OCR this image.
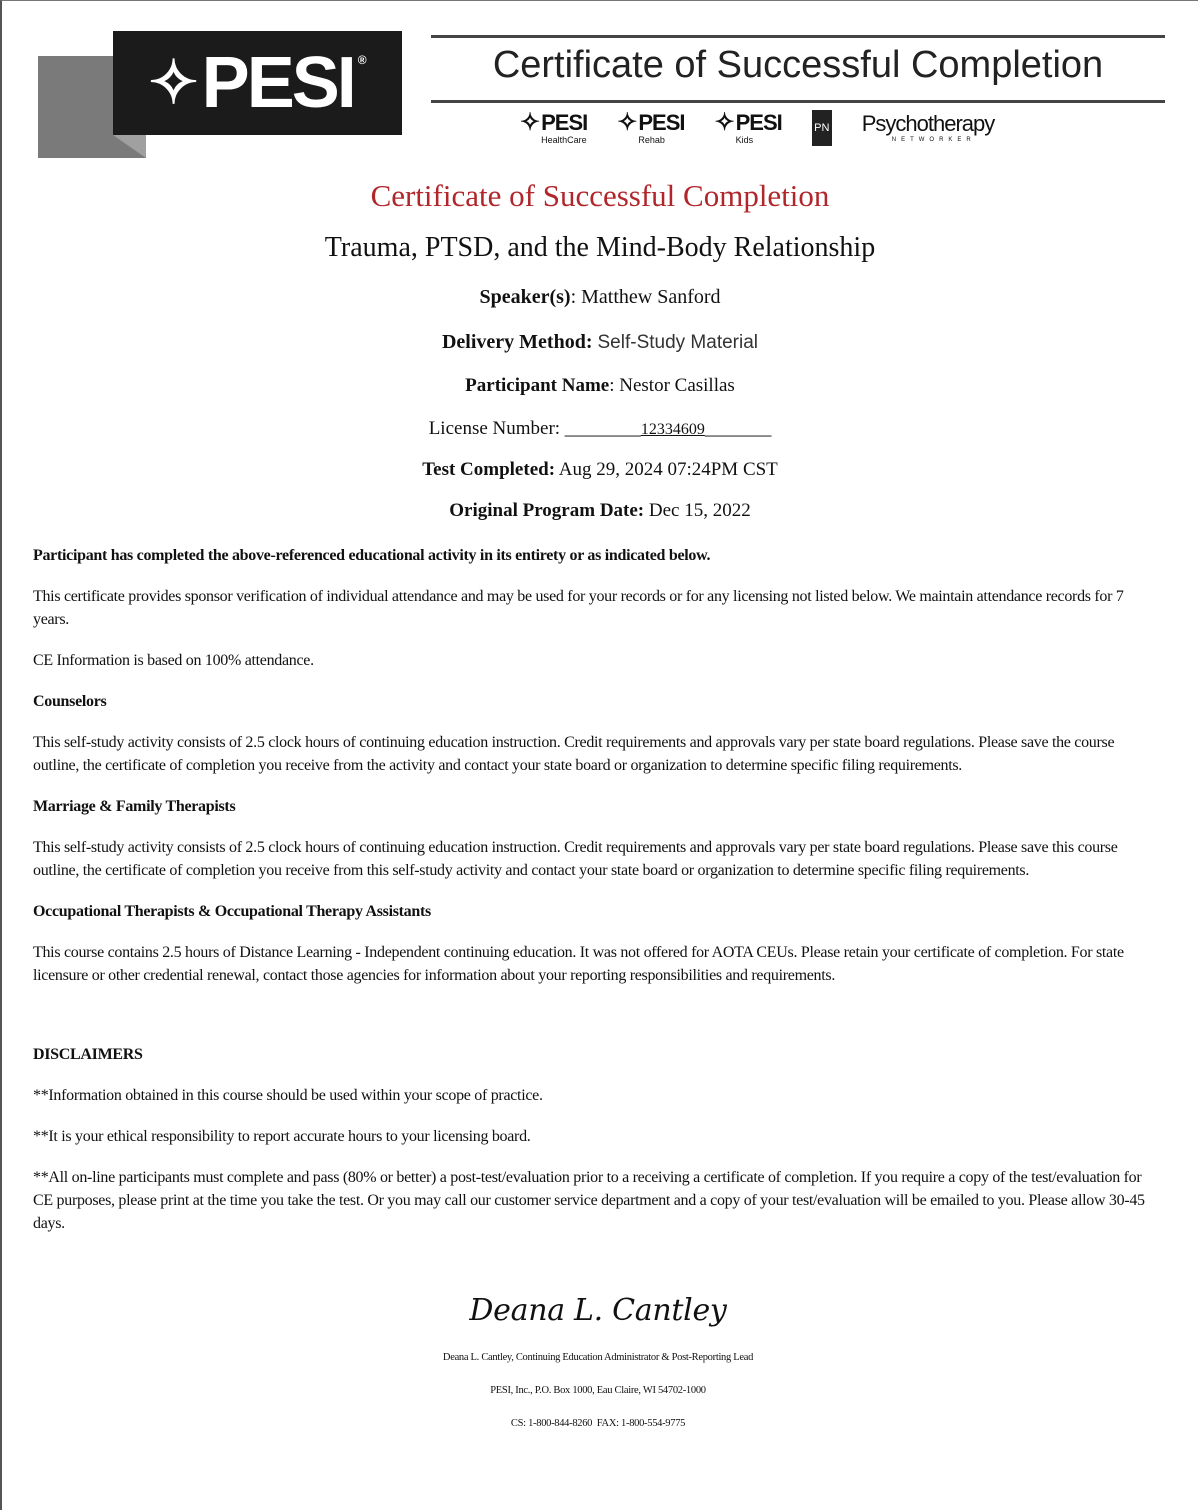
✧ PESI ®	Certificate of Successful Completion
✧ PESI
HealthCare
✧ PESI
Rehab
✧ PESI
Kids
PN Psychotherapy
NETWORKER
Certificate of Successful Completion
Trauma, PTSD, and the Mind-Body Relationship
Speaker(s): Matthew Sanford
Delivery Method: Self-Study Material
Participant Name: Nestor Casillas
License Number: ________12334609_______
Test Completed: Aug 29, 2024 07:24PM CST
Original Program Date: Dec 15, 2022

Participant has completed the above-referenced educational activity in its entirety or as indicated below.

This certificate provides sponsor verification of individual attendance and may be used for your records or for any licensing not listed below. We maintain attendance records for 7 years.

CE Information is based on 100% attendance.

Counselors

This self-study activity consists of 2.5 clock hours of continuing education instruction. Credit requirements and approvals vary per state board regulations. Please save the course outline, the certificate of completion you receive from the activity and contact your state board or organization to determine specific filing requirements.

Marriage & Family Therapists

This self-study activity consists of 2.5 clock hours of continuing education instruction. Credit requirements and approvals vary per state board regulations. Please save this course outline, the certificate of completion you receive from this self-study activity and contact your state board or organization to determine specific filing requirements.

Occupational Therapists & Occupational Therapy Assistants

This course contains 2.5 hours of Distance Learning - Independent continuing education. It was not offered for AOTA CEUs. Please retain your certificate of completion. For state licensure or other credential renewal, contact those agencies for information about your reporting responsibilities and requirements.

DISCLAIMERS

**Information obtained in this course should be used within your scope of practice.

**It is your ethical responsibility to report accurate hours to your licensing board.

**All on-line participants must complete and pass (80% or better) a post-test/evaluation prior to a receiving a certificate of completion. If you require a copy of the test/evaluation for CE purposes, please print at the time you take the test. Or you may call our customer service department and a copy of your test/evaluation will be emailed to you. Please allow 30-45 days.

Deana L. Cantley
Deana L. Cantley, Continuing Education Administrator & Post-Reporting Lead
PESI, Inc., P.O. Box 1000, Eau Claire, WI 54702-1000
CS: 1-800-844-8260  FAX: 1-800-554-9775
